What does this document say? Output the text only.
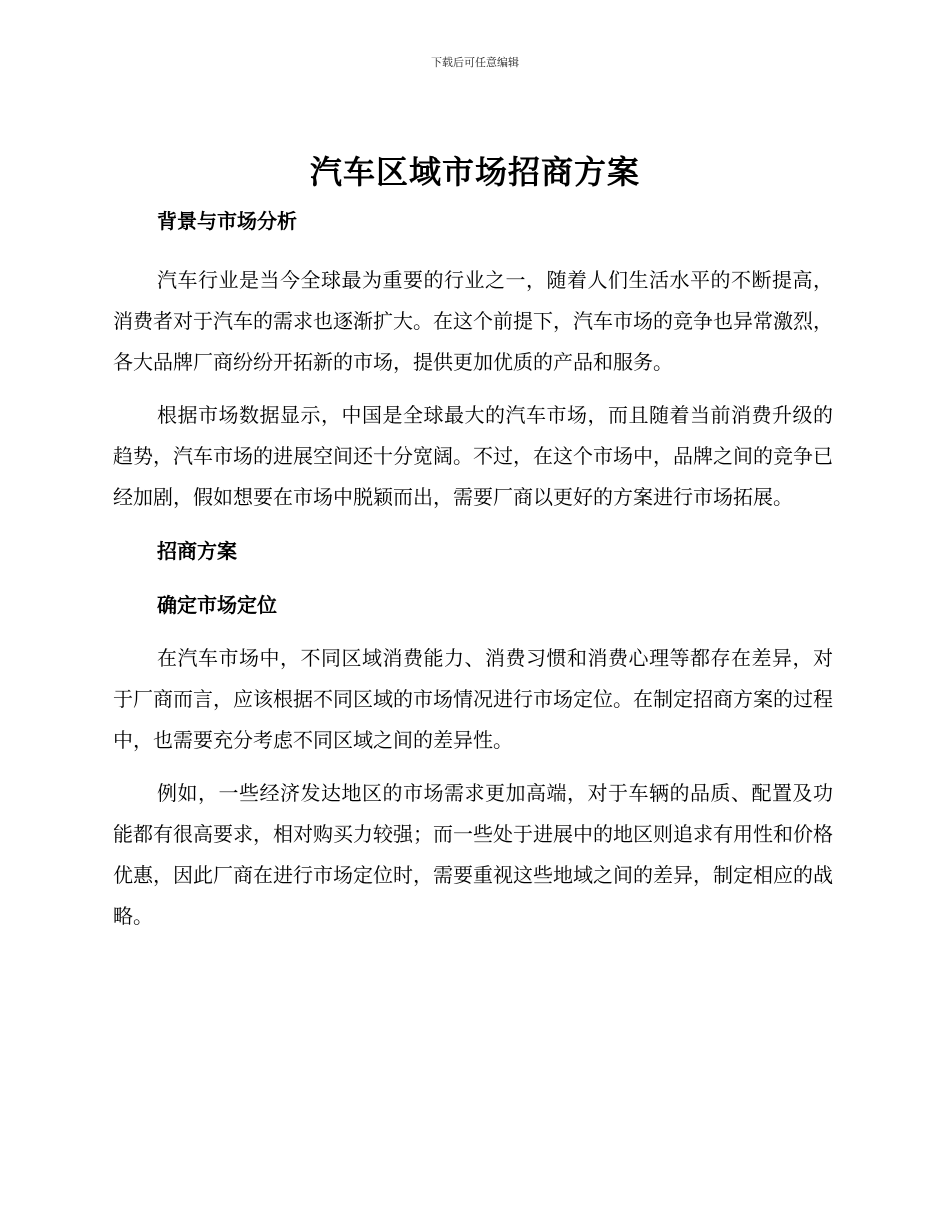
下载后可任意编辑
汽车区域市场招商方案
背景与市场分析

汽车行业是当今全球最为重要的行业之一，随着人们生活水平的不断提高，消费者对于汽车的需求也逐渐扩大。在这个前提下，汽车市场的竞争也异常激烈，各大品牌厂商纷纷开拓新的市场，提供更加优质的产品和服务。

根据市场数据显示，中国是全球最大的汽车市场，而且随着当前消费升级的趋势，汽车市场的进展空间还十分宽阔。不过，在这个市场中，品牌之间的竞争已经加剧，假如想要在市场中脱颖而出，需要厂商以更好的方案进行市场拓展。

招商方案
确定市场定位

在汽车市场中，不同区域消费能力、消费习惯和消费心理等都存在差异，对于厂商而言，应该根据不同区域的市场情况进行市场定位。在制定招商方案的过程中，也需要充分考虑不同区域之间的差异性。

例如，一些经济发达地区的市场需求更加高端，对于车辆的品质、配置及功能都有很高要求，相对购买力较强；而一些处于进展中的地区则追求有用性和价格优惠，因此厂商在进行市场定位时，需要重视这些地域之间的差异，制定相应的战略。
